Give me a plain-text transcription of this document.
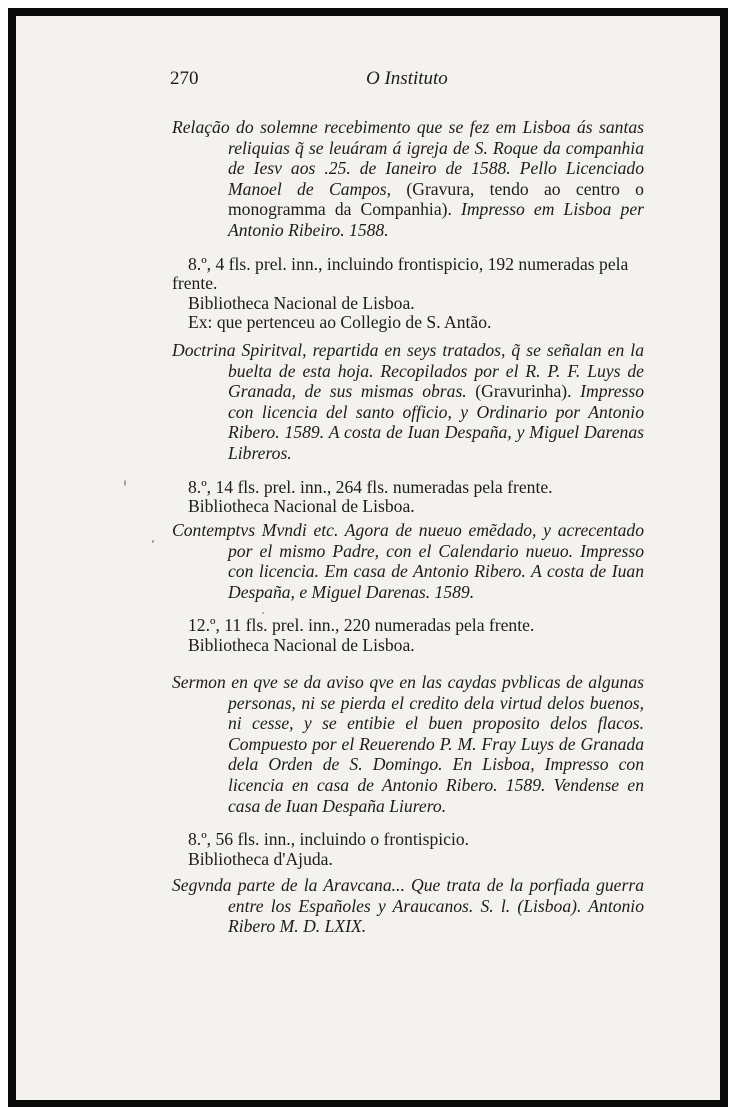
270	O Instituto

Relação do solemne recebimento que se fez em Lisboa ás santas reliquias q̃ se leuáram á igreja de S. Roque da companhia de Iesv aos .25. de Ianeiro de 1588. Pello Licenciado Manoel de Campos, (Gravura, tendo ao centro o monogramma da Companhia). Impresso em Lisboa per Antonio Ribeiro. 1588.

8.º, 4 fls. prel. inn., incluindo frontispicio, 192 numeradas pela frente.
Bibliotheca Nacional de Lisboa.
Ex: que pertenceu ao Collegio de S. Antão.

Doctrina Spiritval, repartida en seys tratados, q̃ se señalan en la buelta de esta hoja. Recopilados por el R. P. F. Luys de Granada, de sus mismas obras. (Gravurinha). Impresso con licencia del santo officio, y Ordinario por Antonio Ribero. 1589. A costa de Iuan Despaña, y Miguel Darenas Libreros.

8.º, 14 fls. prel. inn., 264 fls. numeradas pela frente.
Bibliotheca Nacional de Lisboa.

Contemptvs Mvndi etc. Agora de nueuo emẽdado, y acrecentado por el mismo Padre, con el Calendario nueuo. Impresso con licencia. Em casa de Antonio Ribero. A costa de Iuan Despaña, e Miguel Darenas. 1589.

12.º, 11 fls. prel. inn., 220 numeradas pela frente.
Bibliotheca Nacional de Lisboa.

Sermon en qve se da aviso qve en las caydas pvblicas de algunas personas, ni se pierda el credito dela virtud delos buenos, ni cesse, y se entibie el buen proposito delos flacos. Compuesto por el Reuerendo P. M. Fray Luys de Granada dela Orden de S. Domingo. En Lisboa, Impresso con licencia en casa de Antonio Ribero. 1589. Vendense en casa de Iuan Despaña Liurero.

8.º, 56 fls. inn., incluindo o frontispicio.
Bibliotheca d'Ajuda.

Segvnda parte de la Aravcana... Que trata de la porfiada guerra entre los Españoles y Araucanos. S. l. (Lisboa). Antonio Ribero M. D. LXIX.
